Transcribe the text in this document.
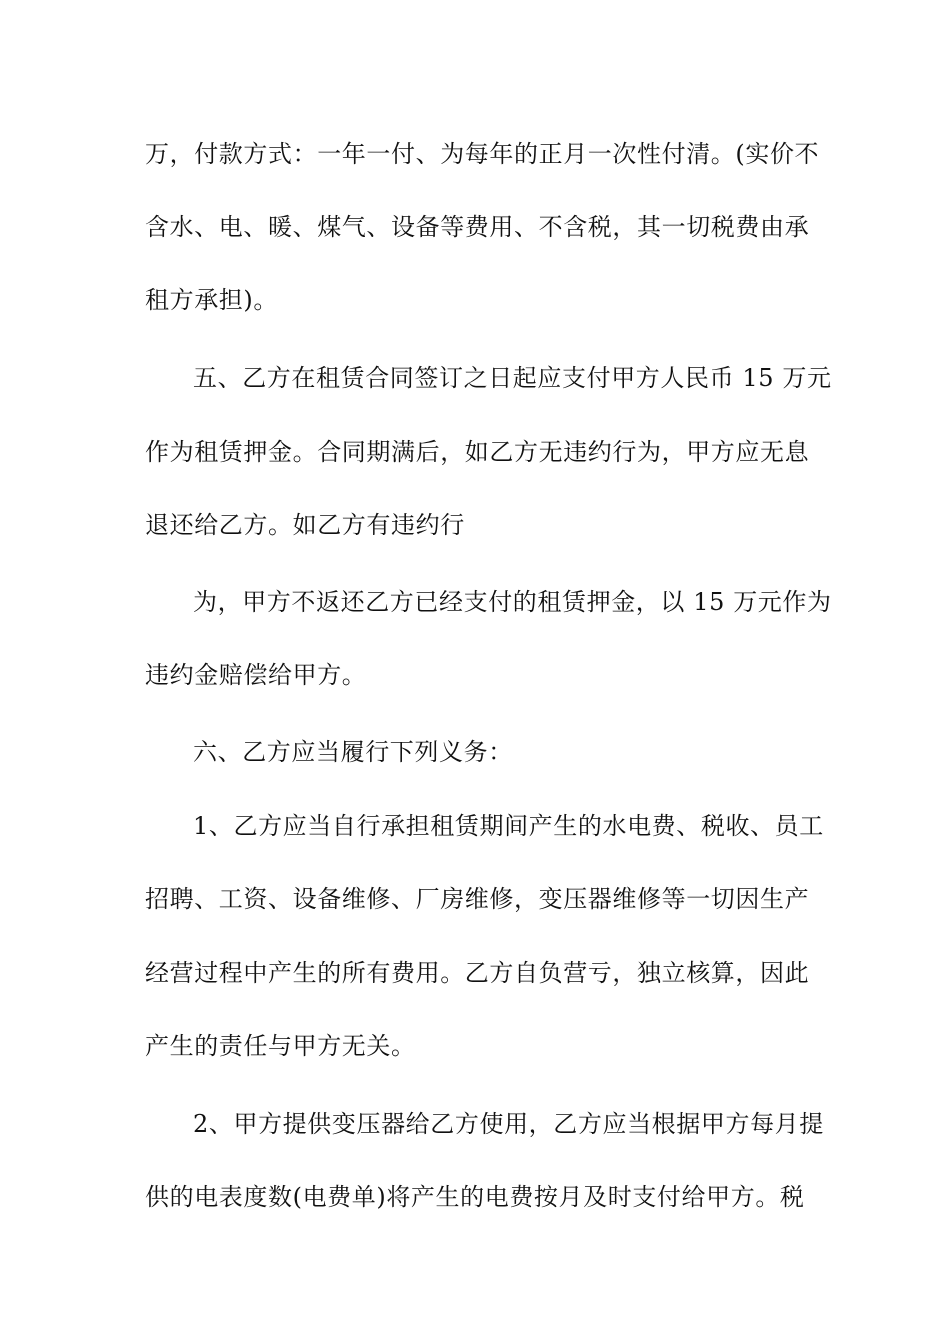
万，付款方式：一年一付、为每年的正月一次性付清。(实价不
含水、电、暖、煤气、设备等费用、不含税，其一切税费由承
租方承担)。
五、乙方在租赁合同签订之日起应支付甲方人民币 15 万元
作为租赁押金。合同期满后，如乙方无违约行为，甲方应无息
退还给乙方。如乙方有违约行
为，甲方不返还乙方已经支付的租赁押金，以 15 万元作为
违约金赔偿给甲方。
六、乙方应当履行下列义务：
1、乙方应当自行承担租赁期间产生的水电费、税收、员工
招聘、工资、设备维修、厂房维修，变压器维修等一切因生产
经营过程中产生的所有费用。乙方自负营亏，独立核算，因此
产生的责任与甲方无关。
2、甲方提供变压器给乙方使用，乙方应当根据甲方每月提
供的电表度数(电费单)将产生的电费按月及时支付给甲方。税
